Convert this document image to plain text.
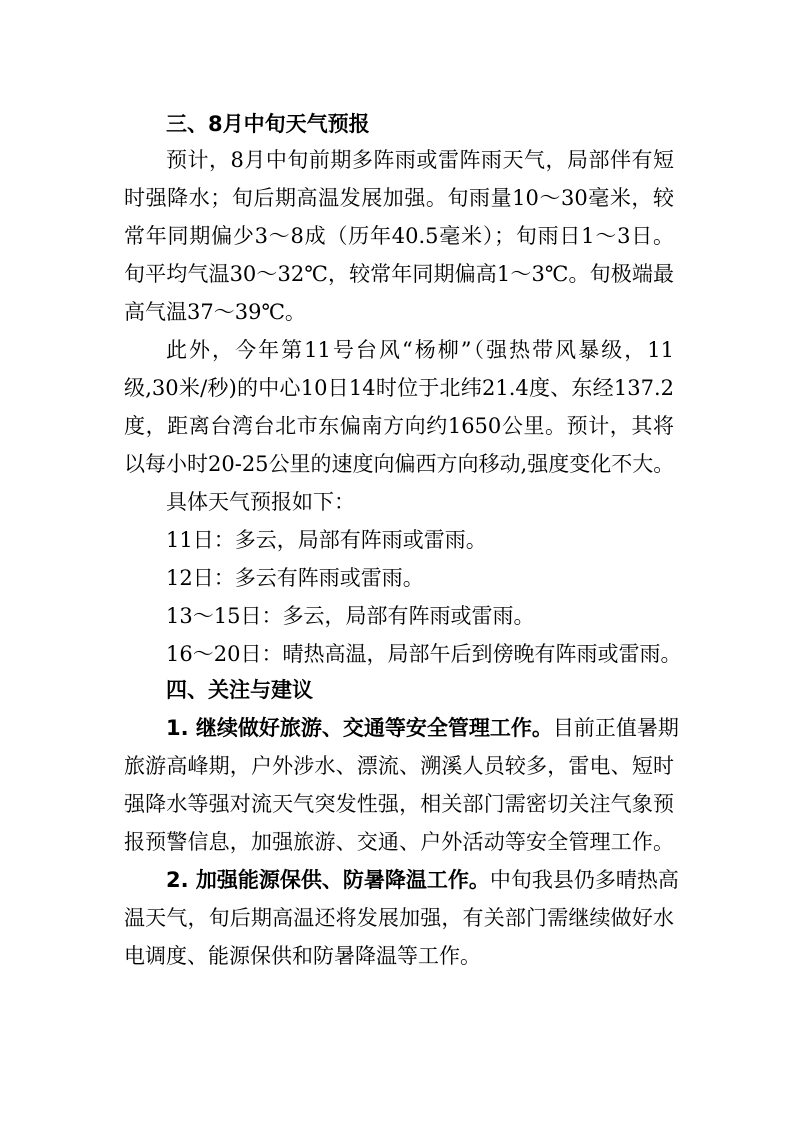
三、8月中旬天气预报
预计，8月中旬前期多阵雨或雷阵雨天气，局部伴有短
时强降水；旬后期高温发展加强。旬雨量10～30毫米，较
常年同期偏少3～8成（历年40.5毫米）；旬雨日1～3日。
旬平均气温30～32℃，较常年同期偏高1～3℃。旬极端最
高气温37～39℃。
此外，今年第11号台风“杨柳”（强热带风暴级，11
级,30米/秒)的中心10日14时位于北纬21.4度、东经137.2
度，距离台湾台北市东偏南方向约1650公里。预计，其将
以每小时20-25公里的速度向偏西方向移动,强度变化不大。
具体天气预报如下：
11日：多云，局部有阵雨或雷雨。
12日：多云有阵雨或雷雨。
13～15日：多云，局部有阵雨或雷雨。
16～20日：晴热高温，局部午后到傍晚有阵雨或雷雨。
四、关注与建议
1. 继续做好旅游、交通等安全管理工作。 目前正值暑期
旅游高峰期，户外涉水、漂流、溯溪人员较多，雷电、短时
强降水等强对流天气突发性强，相关部门需密切关注气象预
报预警信息，加强旅游、交通、户外活动等安全管理工作。
2. 加强能源保供、防暑降温工作。 中旬我县仍多晴热高
温天气，旬后期高温还将发展加强，有关部门需继续做好水
电调度、能源保供和防暑降温等工作。
